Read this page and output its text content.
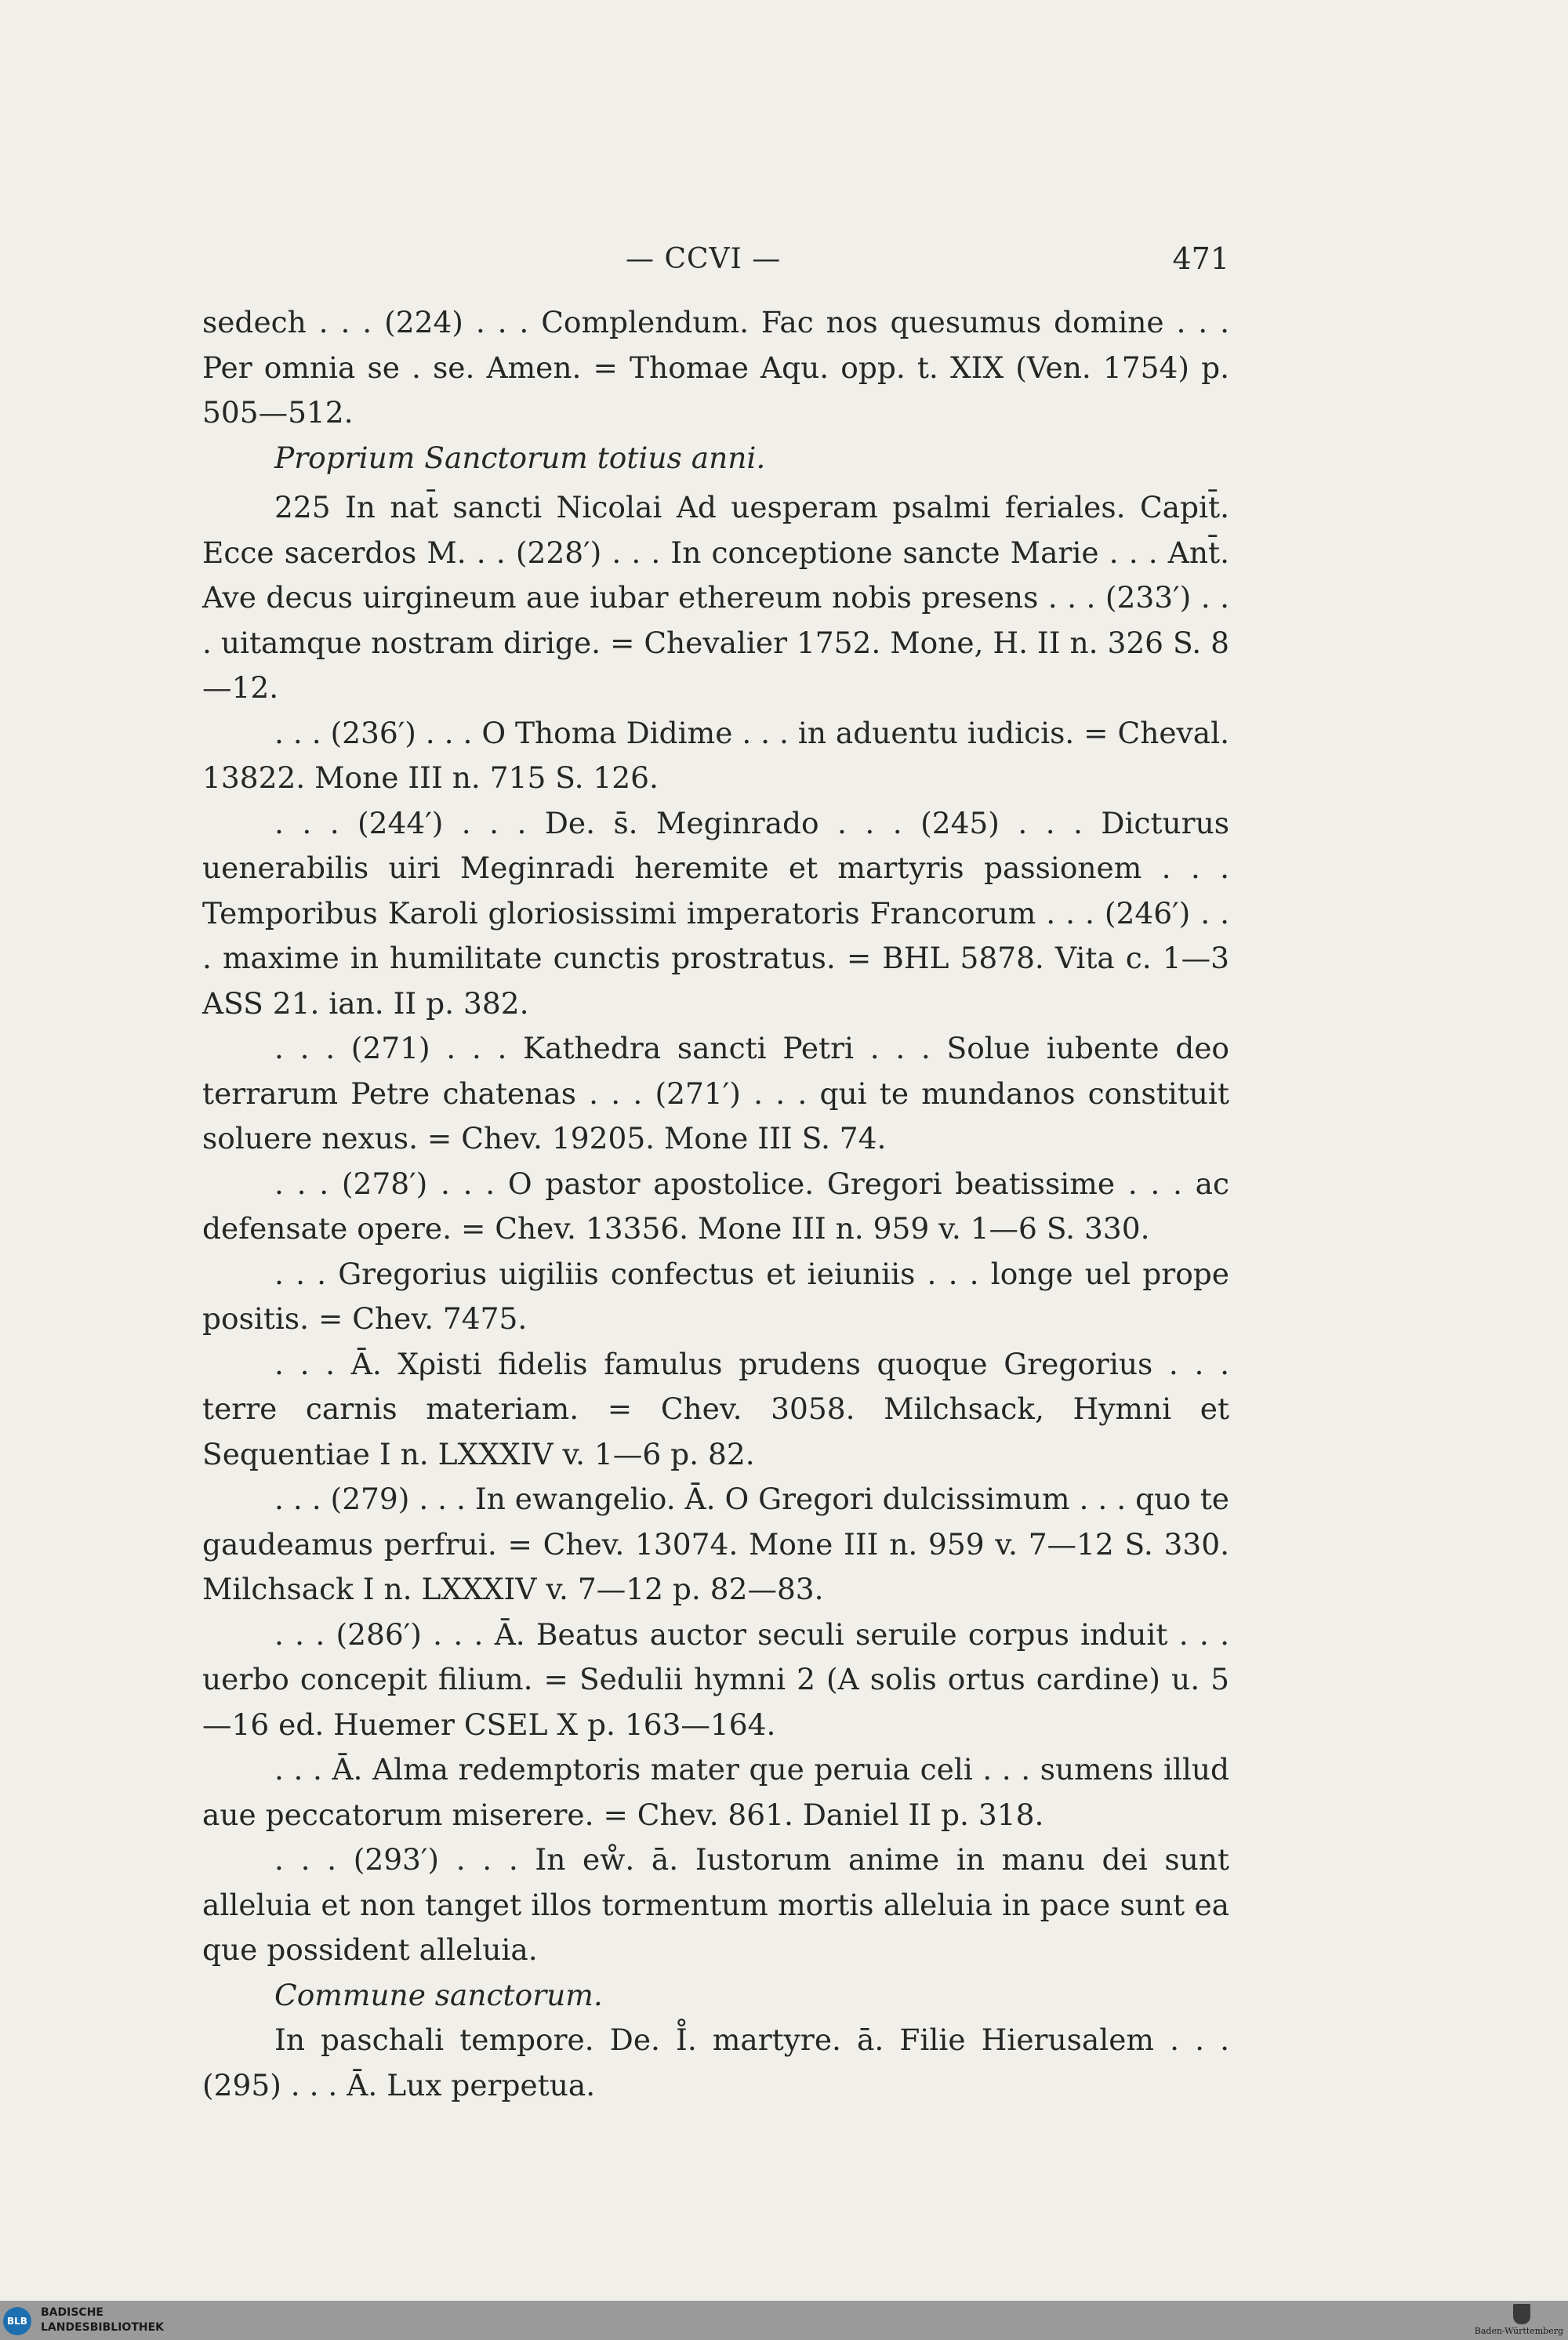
— CCVI —	471

sedech . . . (224) . . . Complendum. Fac nos quesumus domine . . . Per omnia se . se. Amen. = Thomae Aqu. opp. t. XIX (Ven. 1754) p. 505—512.

Proprium Sanctorum totius anni.

225 In nat̄ sancti Nicolai Ad uesperam psalmi feriales. Capit̄. Ecce sacerdos M. . . (228′) . . . In conceptione sancte Marie . . . Ant̄. Ave decus uirgineum aue iubar ethereum nobis presens . . . (233′) . . . uitamque nostram dirige. = Chevalier 1752. Mone, H. II n. 326 S. 8—12.

. . . (236′) . . . O Thoma Didime . . . in aduentu iudicis. = Cheval. 13822. Mone III n. 715 S. 126.

. . . (244′) . . . De. s̄. Meginrado . . . (245) . . . Dicturus uenerabilis uiri Meginradi heremite et martyris passionem . . . Temporibus Karoli gloriosissimi imperatoris Francorum . . . (246′) . . . maxime in humilitate cunctis prostratus. = BHL 5878. Vita c. 1—3 ASS 21. ian. II p. 382.

. . . (271) . . . Kathedra sancti Petri . . . Solue iubente deo terrarum Petre chatenas . . . (271′) . . . qui te mundanos constituit soluere nexus. = Chev. 19205. Mone III S. 74.

. . . (278′) . . . O pastor apostolice. Gregori beatissime . . . ac defensate opere. = Chev. 13356. Mone III n. 959 v. 1—6 S. 330.

. . . Gregorius uigiliis confectus et ieiuniis . . . longe uel prope positis. = Chev. 7475.

. . . Ā. Xρisti fidelis famulus prudens quoque Gregorius . . . terre carnis materiam. = Chev. 3058. Milchsack, Hymni et Sequentiae I n. LXXXIV v. 1—6 p. 82.

. . . (279) . . . In ewangelio. Ā. O Gregori dulcissimum . . . quo te gaudeamus perfrui. = Chev. 13074. Mone III n. 959 v. 7—12 S. 330. Milchsack I n. LXXXIV v. 7—12 p. 82—83.

. . . (286′) . . . Ā. Beatus auctor seculi seruile corpus induit . . . uerbo concepit filium. = Sedulii hymni 2 (A solis ortus cardine) u. 5 —16 ed. Huemer CSEL X p. 163—164.

. . . Ā. Alma redemptoris mater que peruia celi . . . sumens illud aue peccatorum miserere. = Chev. 861. Daniel II p. 318.

. . . (293′) . . . In eẘ. ā. Iustorum anime in manu dei sunt alleluia et non tanget illos tormentum mortis alleluia in pace sunt ea que possident alleluia.

Commune sanctorum.

In paschali tempore. De. I̊. martyre. ā. Filie Hierusalem . . . (295) . . . Ā. Lux perpetua.

BLB
BADISCHE
LANDESBIBLIOTHEK	Baden-Württemberg
